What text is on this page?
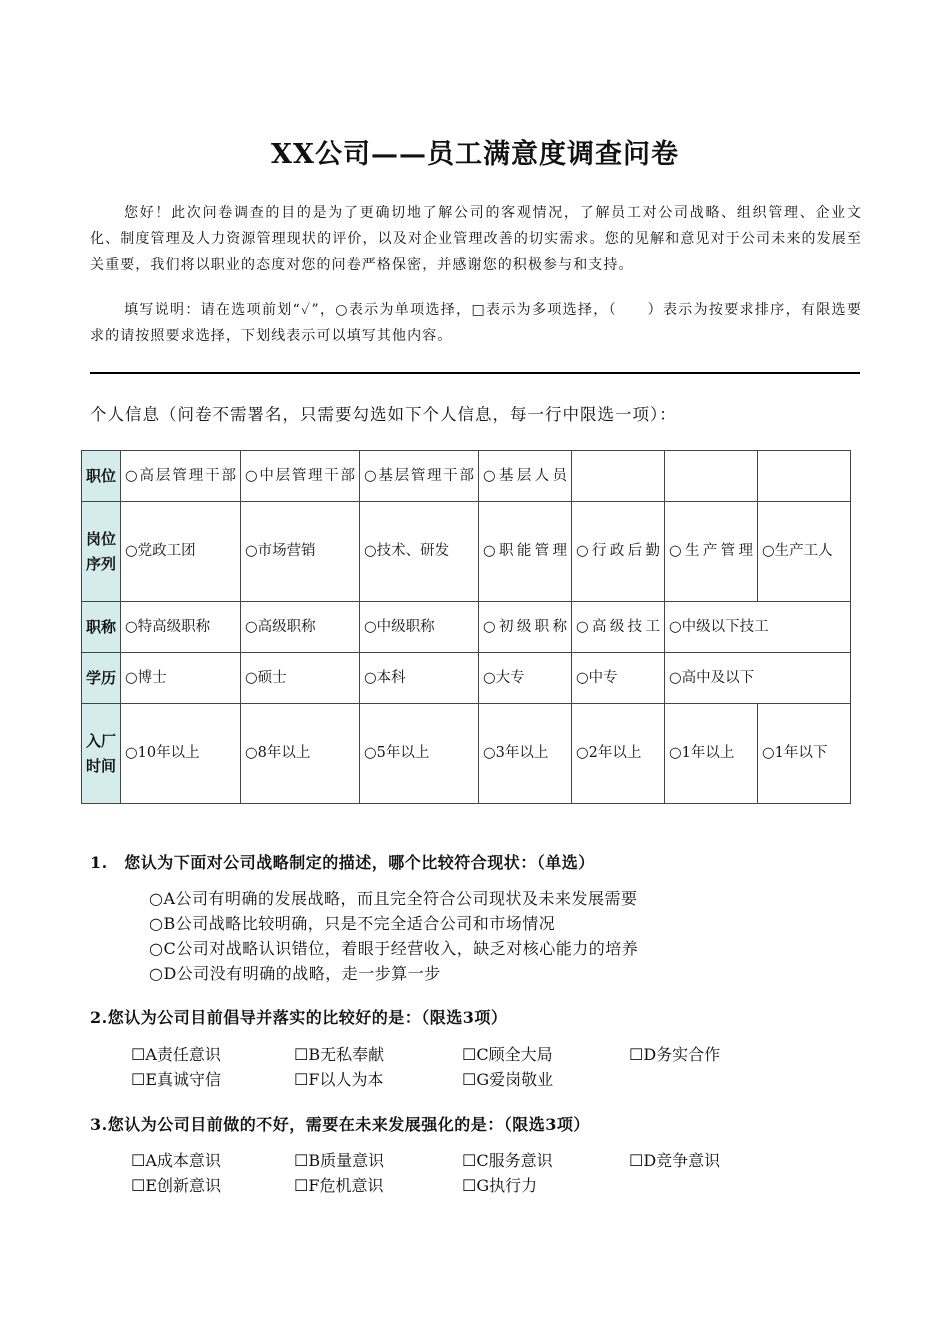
XX公司——员工满意度调查问卷
您好！此次问卷调查的目的是为了更确切地了解公司的客观情况，了解员工对公司战略、组织管理、企业文化、制度管理及人力资源管理现状的评价，以及对企业管理改善的切实需求。您的见解和意见对于公司未来的发展至关重要，我们将以职业的态度对您的问卷严格保密，并感谢您的积极参与和支持。
填写说明：请在选项前划“✓”，○表示为单项选择，□表示为多项选择，（　　）表示为按要求排序，有限选要求的请按照要求选择，下划线表示可以填写其他内容。
个人信息（问卷不需署名，只需要勾选如下个人信息，每一行中限选一项）：
职位	○高层管理干部	○中层管理干部	○基层管理干部	○基层人员			
岗位序列	○党政工团	○市场营销	○技术、研发	○职能管理	○行政后勤	○生产管理	○生产工人
职称	○特高级职称	○高级职称	○中级职称	○初级职称	○高级技工	○中级以下技工	
学历	○博士	○硕士	○本科	○大专	○中专	○高中及以下	
入厂时间	○10年以上	○8年以上	○5年以上	○3年以上	○2年以上	○1年以上	○1年以下
1.　您认为下面对公司战略制定的描述，哪个比较符合现状：（单选）
○A公司有明确的发展战略，而且完全符合公司现状及未来发展需要
○B公司战略比较明确，只是不完全适合公司和市场情况
○C公司对战略认识错位，着眼于经营收入，缺乏对核心能力的培养
○D公司没有明确的战略，走一步算一步
2.您认为公司目前倡导并落实的比较好的是：（限选3项）
☐A责任意识	☐B无私奉献	☐C顾全大局	☐D务实合作
☐E真诚守信	☐F以人为本	☐G爱岗敬业
3.您认为公司目前做的不好，需要在未来发展强化的是：（限选3项）
☐A成本意识	☐B质量意识	☐C服务意识	☐D竞争意识
☐E创新意识	☐F危机意识	☐G执行力
